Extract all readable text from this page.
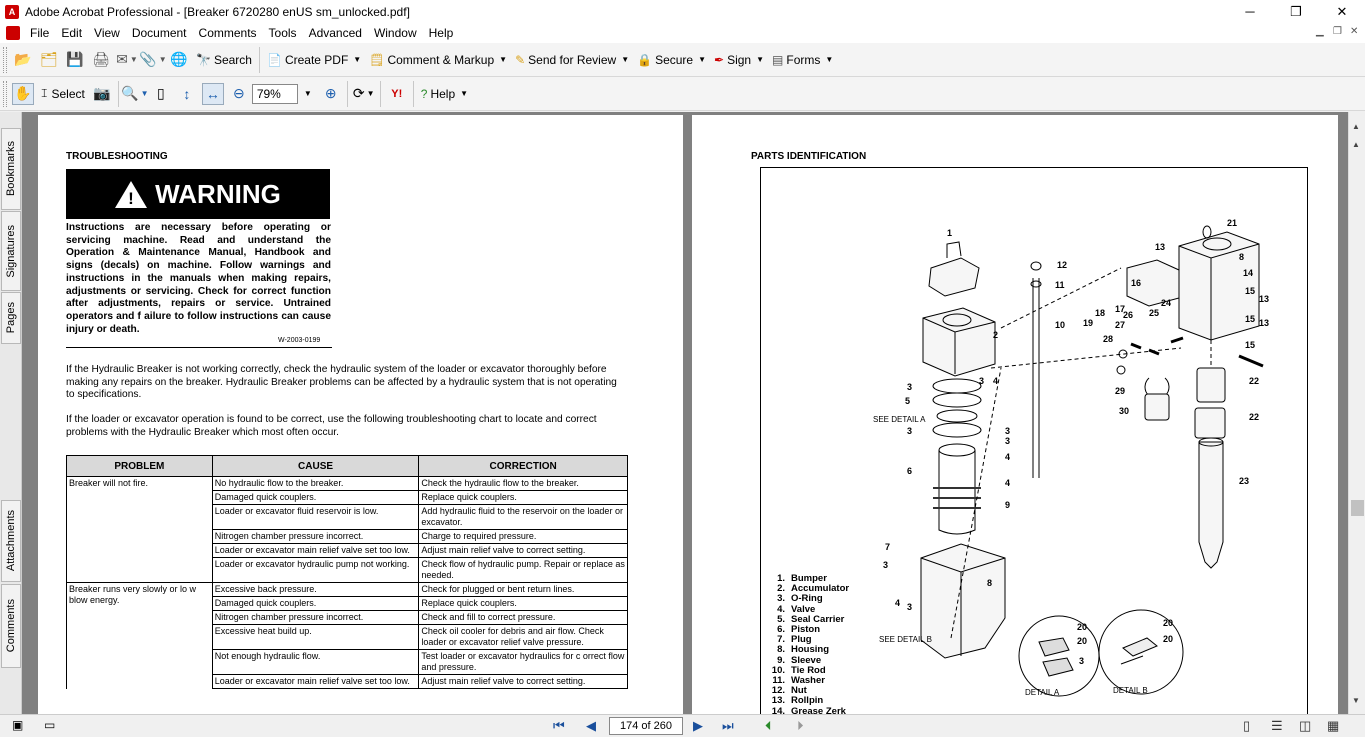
A Adobe Acrobat Professional - [Breaker 6720280 enUS sm_unlocked.pdf]	─	❐	✕
File	Edit	View	Document	Comments	Tools	Advanced	Window	Help	▁ ❐ ✕
📂 🗂 💾 🖨 ✉ ▼ 📎 ▼ 🌐 🔭 Search 📄 Create PDF ▼ 🗒 Comment & Markup ▼ ✎ Send for Review ▼ 🔒 Secure ▼ ✒ Sign ▼ ▤ Forms ▼
✋ 𝙸 Select 📷 🔍 ▼ ▯	↕	↔ ⊖
79%	▼ ⊕	⟳ ▼	Y!	? Help ▼
Bookmarks
Signatures
Pages
Attachments
Comments
TROUBLESHOOTING
! WARNING
Instructions are necessary before operating or servicing machine. Read and understand the Operation & Maintenance Manual, Handbook and signs (decals) on machine. Follow warnings and instructions in the manuals when making repairs, adjustments or servicing. Check for correct function after adjustments, repairs or service. Untrained operators and f ailure to follow instructions can cause injury or death.
W-2003-0199
If the Hydraulic Breaker is not working correctly, check the hydraulic system of the loader or excavator thoroughly before making any repairs on the breaker. Hydraulic Breaker problems can be affected by a hydraulic system that is not operating to specifications.
If the loader or excavator operation is found to be correct, use the following troubleshooting chart to locate and correct problems with the Hydraulic Breaker which most often occur.
PROBLEM	CAUSE	CORRECTION
Breaker will not fire.	No hydraulic flow to the breaker.	Check the hydraulic flow to the breaker.
	Damaged quick couplers.	Replace quick couplers.
	Loader or excavator fluid reservoir is low.	Add hydraulic fluid to the reservoir on the loader or excavator.
	Nitrogen chamber pressure incorrect.	Charge to required pressure.
	Loader or excavator main relief valve set too low.	Adjust main relief valve to correct setting.
	Loader or excavator hydraulic pump not working.	Check flow of hydraulic pump. Repair or replace as needed.
Breaker runs very slowly or lo w blow energy.	Excessive back pressure.	Check for plugged or bent return lines.
	Damaged quick couplers.	Replace quick couplers.
	Nitrogen chamber pressure incorrect.	Check and fill to correct pressure.
	Excessive heat build up.	Check oil cooler for debris and air flow. Check loader or excavator relief valve pressure.
	Not enough hydraulic flow.	Test loader or excavator hydraulics for c orrect flow and pressure.
	Loader or excavator main relief valve set too low.	Adjust main relief valve to correct setting.
PARTS IDENTIFICATION
1
2
3
3 4
5
3
6
3
3
4
4
9
7
3
8
4 3
10
11
12
13
21
8
14
15
13
15 13
16
17
18
19 27
26 25
24
15
28
22
29
30
22
23
20
20
3
20
20
SEE DETAIL A
SEE DETAIL B
DETAIL A	DETAIL B
1. Bumper
2. Accumulator
3. O-Ring
4. Valve
5. Seal Carrier
6. Piston
7. Plug
8. Housing
9. Sleeve
10. Tie Rod
11. Washer
12. Nut
13. Rollpin
14. Grease Zerk
▲
▲
▼
▣ ▭	⏮ ◀	174 of 260	▶ ⏭ ⏴ ⏵	▯ ☰ ◫ ▦
